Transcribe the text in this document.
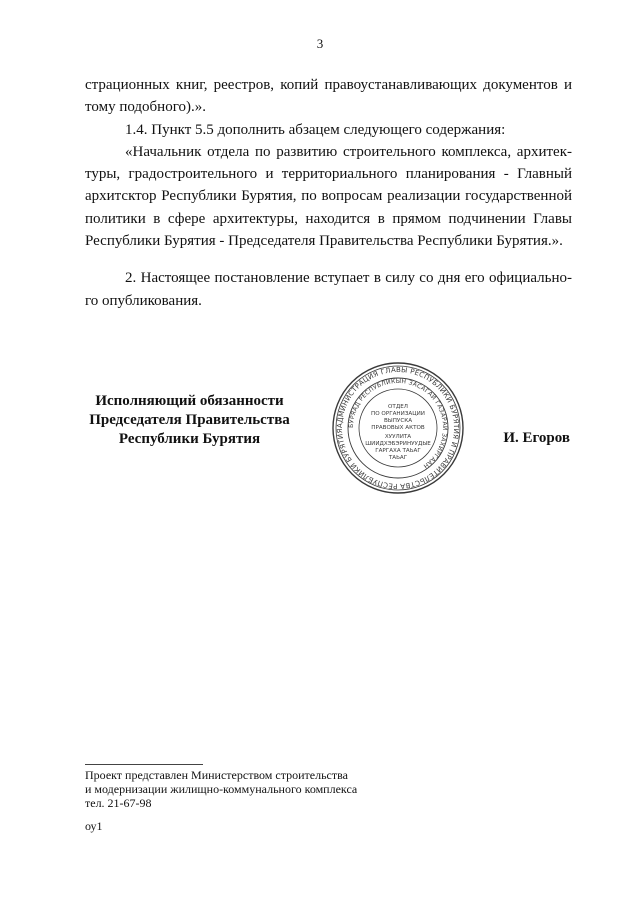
3

страционных книг, реестров, копий правоустанавливающих документов и тому подобного).».

1.4. Пункт 5.5 дополнить абзацем следующего содержания:

«Начальник отдела по развитию строительного комплекса, архитек-туры, градостроительного и территориального планирования - Главный архитсктор Республики Бурятия, по вопросам реализации государственной политики в сфере архитектуры, находится в прямом подчинении Главы Республики Бурятия - Председателя Правительства Республики Бурятия.».

2. Настоящее постановление вступает в силу со дня его официально-го опубликования.

Исполняющий обязанности
Председателя Правительства
Республики Бурятия	И. Егоров
АДМИНИСТРАЦИЯ ГЛАВЫ РЕСПУБЛИКИ БУРЯТИЯ И ПРАВИТЕЛЬСТВА РЕСПУБЛИКИ БУРЯТИЯ
БУРЯАД РЕСПУБЛИКЫН ЗАСАГАЙ ГАЗАРАЙ ЗАХИРГААН
ОТДЕЛ
ПО ОРГАНИЗАЦИИ
ВЫПУСКА
ПРАВОВЫХ АКТОВ
ХУУЛИТА
ШИИДХЭБЭРИНУУДЫЕ
ГАРГАХА ТАЬАГ
ТАЬАГ
Проект представлен Министерством строительства
и модернизации жилищно-коммунального комплекса
тел. 21-67-98
оу1
